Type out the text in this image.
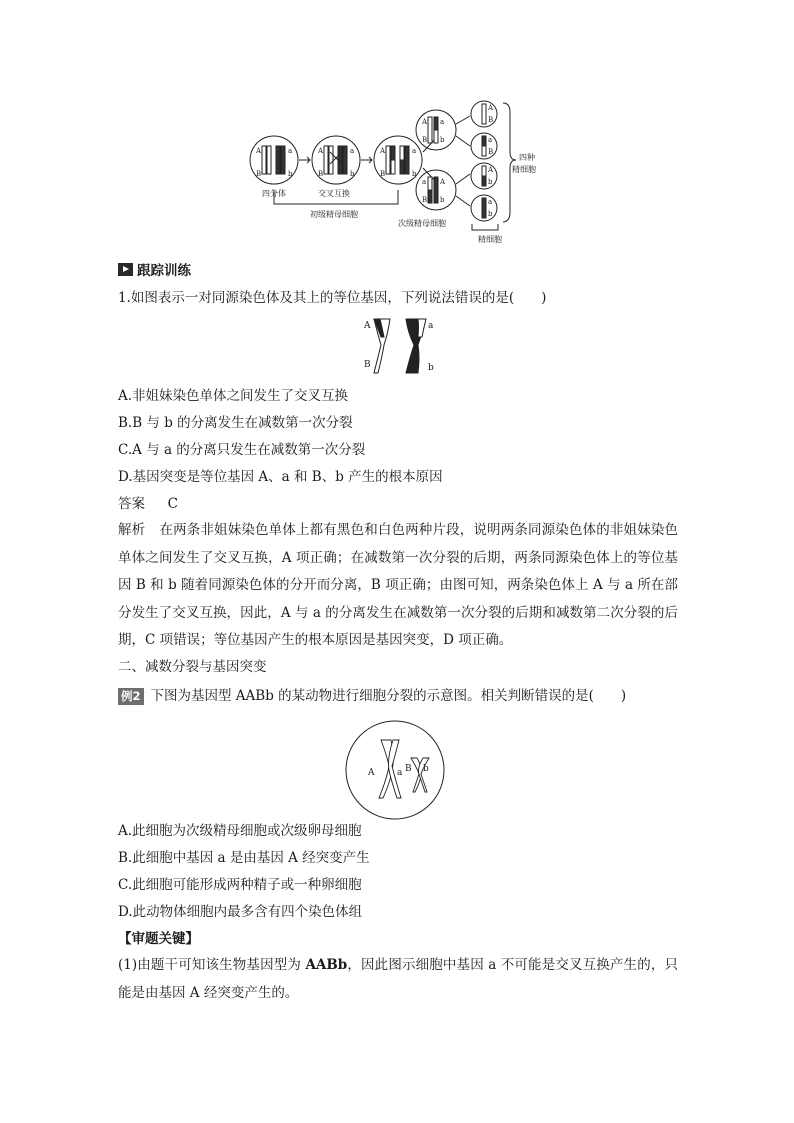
A	a
B	b
A	a
B	b
A	a
B	b
A a
B b
a A
B b
A
B
a
B
A
b
a
b
四分体	交叉互换
初级精母细胞
次级精母细胞
精细胞
四种
精细胞
跟踪训练
1.如图表示一对同源染色体及其上的等位基因，下列说法错误的是(　　)
A
B
a
b
A.非姐妹染色单体之间发生了交叉互换
B.B 与 b 的分离发生在减数第一次分裂
C.A 与 a 的分离只发生在减数第一次分裂
D.基因突变是等位基因 A、a 和 B、b 产生的根本原因
答案 C
解析 在两条非姐妹染色单体上都有黑色和白色两种片段，说明两条同源染色体的非姐妹染色单体之间发生了交叉互换，A 项正确；在减数第一次分裂的后期，两条同源染色体上的等位基因 B 和 b 随着同源染色体的分开而分离，B 项正确；由图可知，两条染色体上 A 与 a 所在部分发生了交叉互换，因此，A 与 a 的分离发生在减数第一次分裂的后期和减数第二次分裂的后期，C 项错误；等位基因产生的根本原因是基因突变，D 项正确。
二、减数分裂与基因突变
例2 下图为基因型 AABb 的某动物进行细胞分裂的示意图。相关判断错误的是(　　)
A	a B b
A.此细胞为次级精母细胞或次级卵母细胞
B.此细胞中基因 a 是由基因 A 经突变产生
C.此细胞可能形成两种精子或一种卵细胞
D.此动物体细胞内最多含有四个染色体组
【审题关键】
(1)由题干可知该生物基因型为 AABb，因此图示细胞中基因 a 不可能是交叉互换产生的，只能是由基因 A 经突变产生的。
